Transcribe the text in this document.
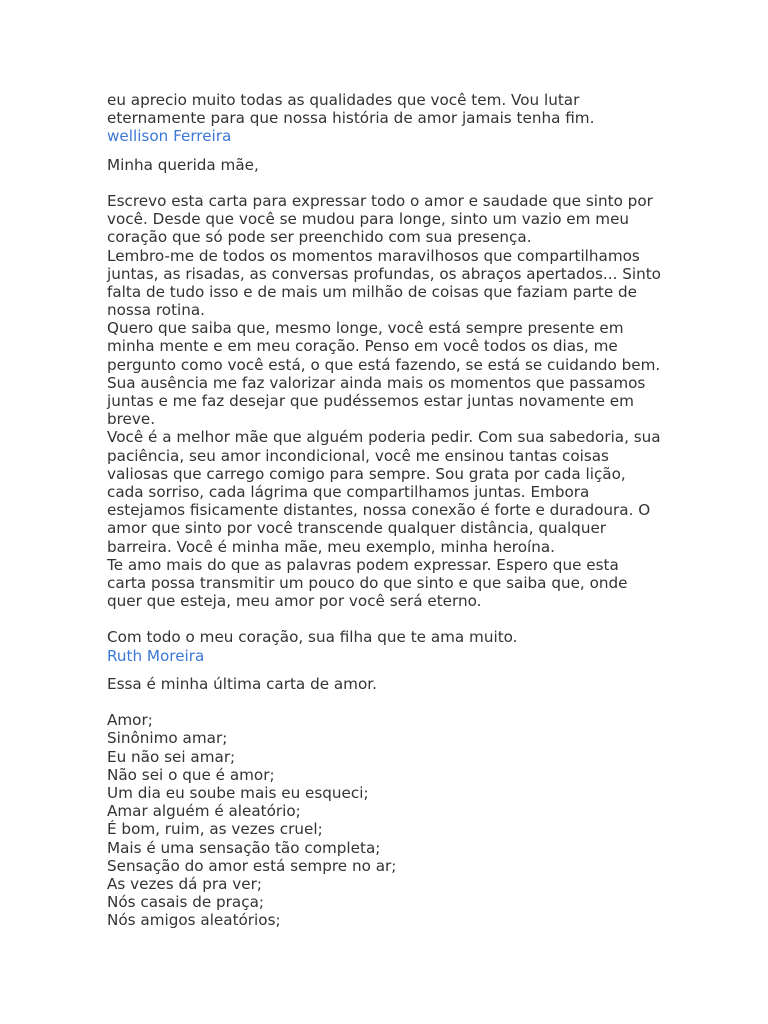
eu aprecio muito todas as qualidades que você tem. Vou lutar
eternamente para que nossa história de amor jamais tenha fim.
wellison Ferreira
Minha querida mãe,
Escrevo esta carta para expressar todo o amor e saudade que sinto por
você. Desde que você se mudou para longe, sinto um vazio em meu
coração que só pode ser preenchido com sua presença.
Lembro-me de todos os momentos maravilhosos que compartilhamos
juntas, as risadas, as conversas profundas, os abraços apertados... Sinto
falta de tudo isso e de mais um milhão de coisas que faziam parte de
nossa rotina.
Quero que saiba que, mesmo longe, você está sempre presente em
minha mente e em meu coração. Penso em você todos os dias, me
pergunto como você está, o que está fazendo, se está se cuidando bem.
Sua ausência me faz valorizar ainda mais os momentos que passamos
juntas e me faz desejar que pudéssemos estar juntas novamente em
breve.
Você é a melhor mãe que alguém poderia pedir. Com sua sabedoria, sua
paciência, seu amor incondicional, você me ensinou tantas coisas
valiosas que carrego comigo para sempre. Sou grata por cada lição,
cada sorriso, cada lágrima que compartilhamos juntas. Embora
estejamos fisicamente distantes, nossa conexão é forte e duradoura. O
amor que sinto por você transcende qualquer distância, qualquer
barreira. Você é minha mãe, meu exemplo, minha heroína.
Te amo mais do que as palavras podem expressar. Espero que esta
carta possa transmitir um pouco do que sinto e que saiba que, onde
quer que esteja, meu amor por você será eterno.
Com todo o meu coração, sua filha que te ama muito.
Ruth Moreira
Essa é minha última carta de amor.
Amor;
Sinônimo amar;
Eu não sei amar;
Não sei o que é amor;
Um dia eu soube mais eu esqueci;
Amar alguém é aleatório;
É bom, ruim, as vezes cruel;
Mais é uma sensação tão completa;
Sensação do amor está sempre no ar;
As vezes dá pra ver;
Nós casais de praça;
Nós amigos aleatórios;
